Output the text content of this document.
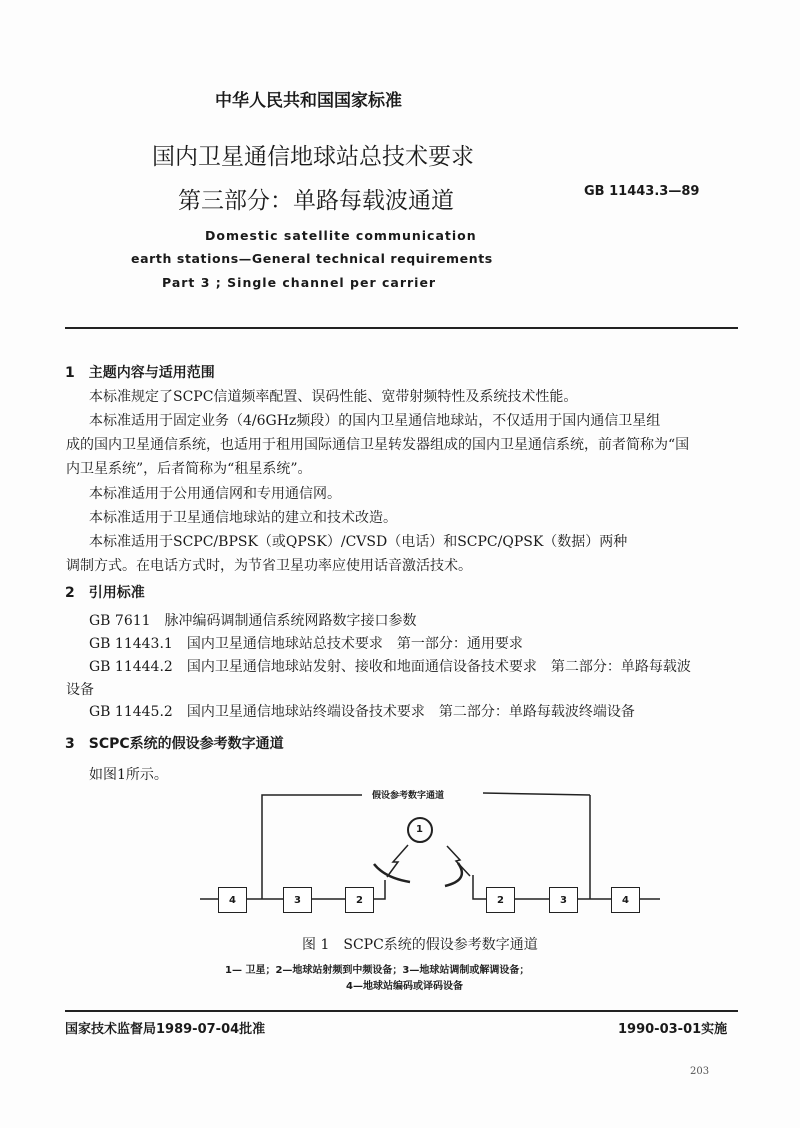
中华人民共和国国家标准
国内卫星通信地球站总技术要求
第三部分：单路每载波通道	GB 11443.3—89
Domestic satellite communication
earth stations—General technical requirements
Part 3 ; Single channel per carrier
1　主题内容与适用范围
本标准规定了SCPC信道频率配置、误码性能、宽带射频特性及系统技术性能。
本标准适用于固定业务（4/6GHz频段）的国内卫星通信地球站，不仅适用于国内通信卫星组
成的国内卫星通信系统，也适用于租用国际通信卫星转发器组成的国内卫星通信系统，前者简称为“国
内卫星系统”，后者简称为“租星系统”。
本标准适用于公用通信网和专用通信网。
本标准适用于卫星通信地球站的建立和技术改造。
本标准适用于SCPC/BPSK（或QPSK）/CVSD（电话）和SCPC/QPSK（数据）两种
调制方式。在电话方式时，为节省卫星功率应使用话音激活技术。
2　引用标准
GB 7611　脉冲编码调制通信系统网路数字接口参数
GB 11443.1　国内卫星通信地球站总技术要求　第一部分：通用要求
GB 11444.2　国内卫星通信地球站发射、接收和地面通信设备技术要求　第二部分：单路每载波
设备
GB 11445.2　国内卫星通信地球站终端设备技术要求　第二部分：单路每载波终端设备
3　SCPC系统的假设参考数字通道
如图1所示。
假设参考数字通道
1
4	3	2	2	3	4
图 1　SCPC系统的假设参考数字通道
1— 卫星；2—地球站射频到中频设备；3—地球站调制或解调设备；
4—地球站编码或译码设备
国家技术监督局1989-07-04批准	1990-03-01实施
203
